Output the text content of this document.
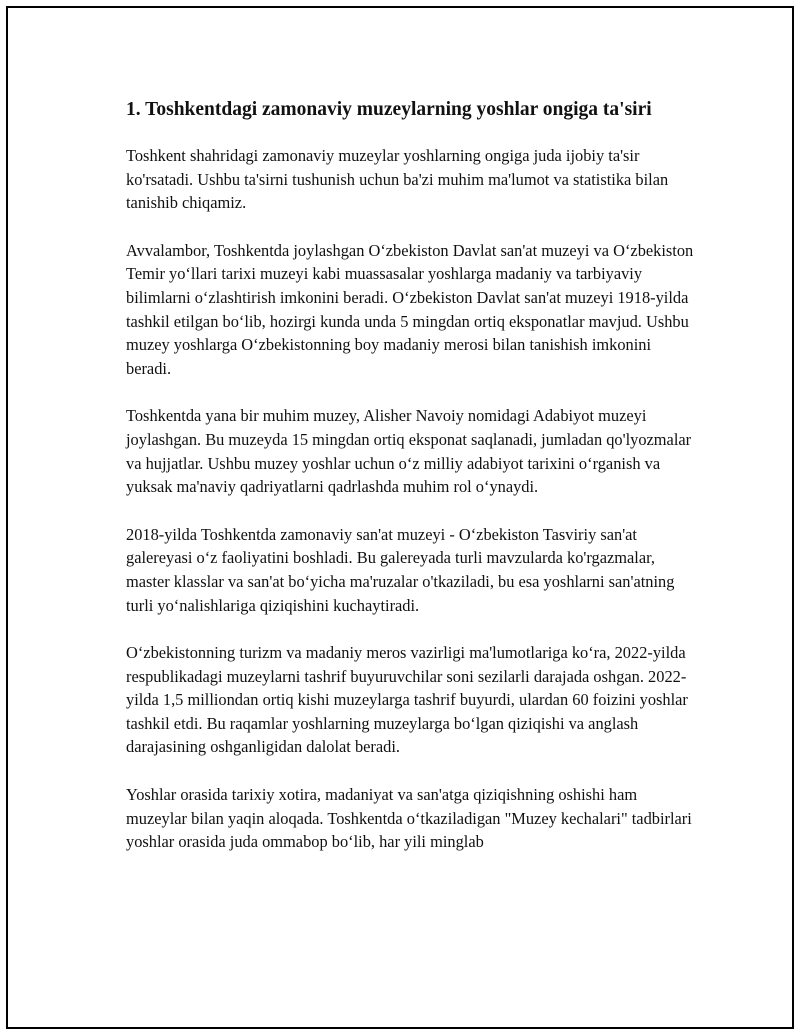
1. Toshkentdagi zamonaviy muzeylarning yoshlar ongiga ta'siri

Toshkent shahridagi zamonaviy muzeylar yoshlarning ongiga juda ijobiy ta'sir ko'rsatadi. Ushbu ta'sirni tushunish uchun ba'zi muhim ma'lumot va statistika bilan tanishib chiqamiz.

Avvalambor, Toshkentda joylashgan O‘zbekiston Davlat san'at muzeyi va O‘zbekiston Temir yo‘llari tarixi muzeyi kabi muassasalar yoshlarga madaniy va tarbiyaviy bilimlarni o‘zlashtirish imkonini beradi. O‘zbekiston Davlat san'at muzeyi 1918-yilda tashkil etilgan bo‘lib, hozirgi kunda unda 5 mingdan ortiq eksponatlar mavjud. Ushbu muzey yoshlarga O‘zbekistonning boy madaniy merosi bilan tanishish imkonini beradi.

Toshkentda yana bir muhim muzey, Alisher Navoiy nomidagi Adabiyot muzeyi joylashgan. Bu muzeyda 15 mingdan ortiq eksponat saqlanadi, jumladan qo'lyozmalar va hujjatlar. Ushbu muzey yoshlar uchun o‘z milliy adabiyot tarixini o‘rganish va yuksak ma'naviy qadriyatlarni qadrlashda muhim rol o‘ynaydi.

2018-yilda Toshkentda zamonaviy san'at muzeyi - O‘zbekiston Tasviriy san'at galereyasi o‘z faoliyatini boshladi. Bu galereyada turli mavzularda ko'rgazmalar, master klasslar va san'at bo‘yicha ma'ruzalar o'tkaziladi, bu esa yoshlarni san'atning turli yo‘nalishlariga qiziqishini kuchaytiradi.

O‘zbekistonning turizm va madaniy meros vazirligi ma'lumotlariga ko‘ra, 2022-yilda respublikadagi muzeylarni tashrif buyuruvchilar soni sezilarli darajada oshgan. 2022-yilda 1,5 milliondan ortiq kishi muzeylarga tashrif buyurdi, ulardan 60 foizini yoshlar tashkil etdi. Bu raqamlar yoshlarning muzeylarga bo‘lgan qiziqishi va anglash darajasining oshganligidan dalolat beradi.

Yoshlar orasida tarixiy xotira, madaniyat va san'atga qiziqishning oshishi ham muzeylar bilan yaqin aloqada. Toshkentda o‘tkaziladigan "Muzey kechalari" tadbirlari yoshlar orasida juda ommabop bo‘lib, har yili minglab
